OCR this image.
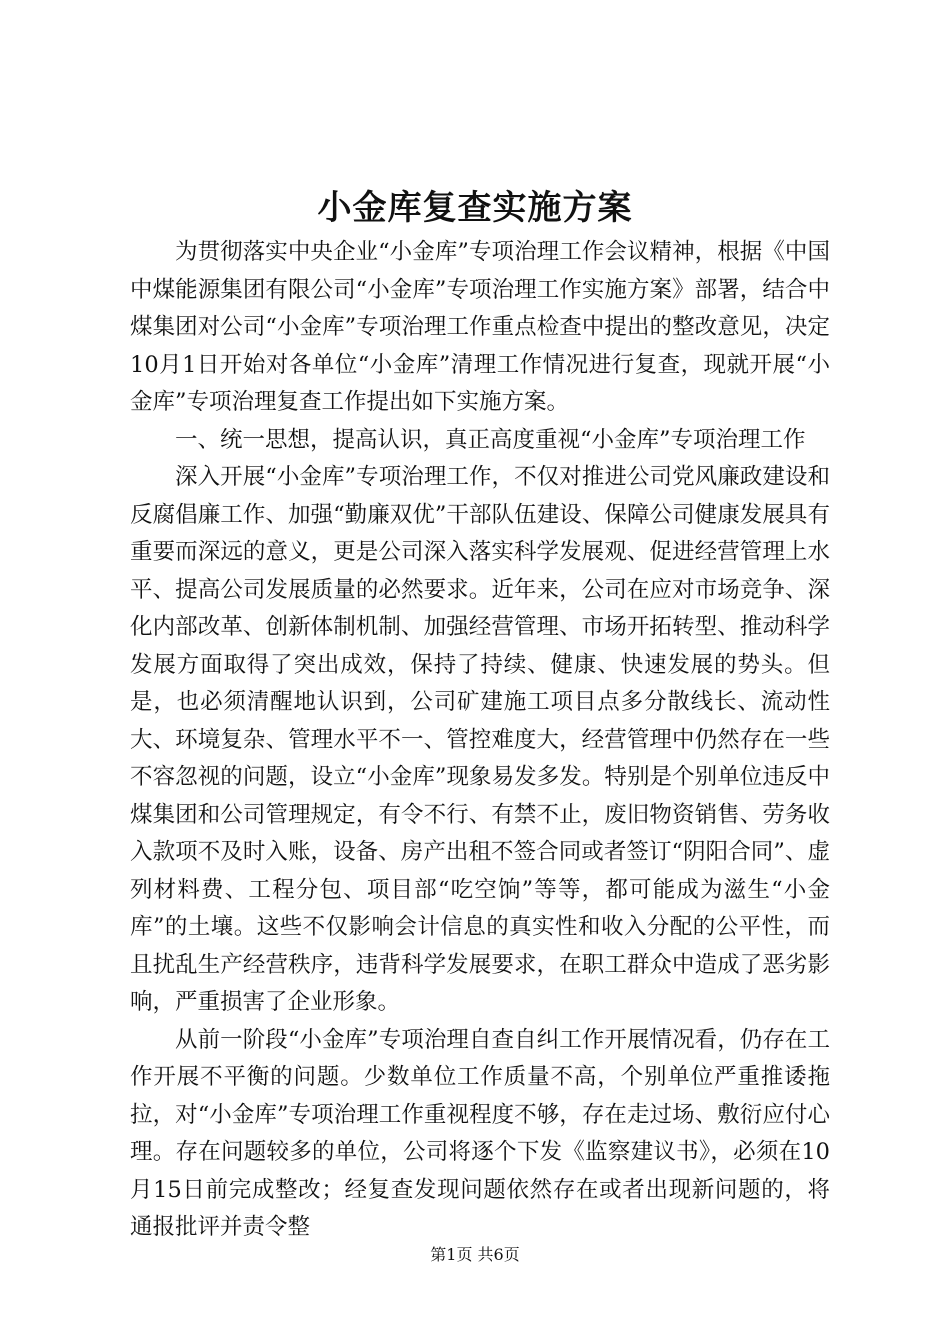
小金库复查实施方案

为贯彻落实中央企业“小金库”专项治理工作会议精神，根据《中国中煤能源集团有限公司“小金库”专项治理工作实施方案》部署，结合中煤集团对公司“小金库”专项治理工作重点检查中提出的整改意见，决定10月1日开始对各单位“小金库”清理工作情况进行复查，现就开展“小金库”专项治理复查工作提出如下实施方案。

一、统一思想，提高认识，真正高度重视“小金库”专项治理工作

深入开展“小金库”专项治理工作，不仅对推进公司党风廉政建设和反腐倡廉工作、加强“勤廉双优”干部队伍建设、保障公司健康发展具有重要而深远的意义，更是公司深入落实科学发展观、促进经营管理上水平、提高公司发展质量的必然要求。近年来，公司在应对市场竞争、深化内部改革、创新体制机制、加强经营管理、市场开拓转型、推动科学发展方面取得了突出成效，保持了持续、健康、快速发展的势头。但是，也必须清醒地认识到，公司矿建施工项目点多分散线长、流动性大、环境复杂、管理水平不一、管控难度大，经营管理中仍然存在一些不容忽视的问题，设立“小金库”现象易发多发。特别是个别单位违反中煤集团和公司管理规定，有令不行、有禁不止，废旧物资销售、劳务收入款项不及时入账，设备、房产出租不签合同或者签订“阴阳合同”、虚列材料费、工程分包、项目部“吃空饷”等等，都可能成为滋生“小金库”的土壤。这些不仅影响会计信息的真实性和收入分配的公平性，而且扰乱生产经营秩序，违背科学发展要求，在职工群众中造成了恶劣影响，严重损害了企业形象。

从前一阶段“小金库”专项治理自查自纠工作开展情况看，仍存在工作开展不平衡的问题。少数单位工作质量不高，个别单位严重推诿拖拉，对“小金库”专项治理工作重视程度不够，存在走过场、敷衍应付心理。存在问题较多的单位，公司将逐个下发《监察建议书》，必须在10月15日前完成整改；经复查发现问题依然存在或者出现新问题的，将通报批评并责令整

第1页 共6页
